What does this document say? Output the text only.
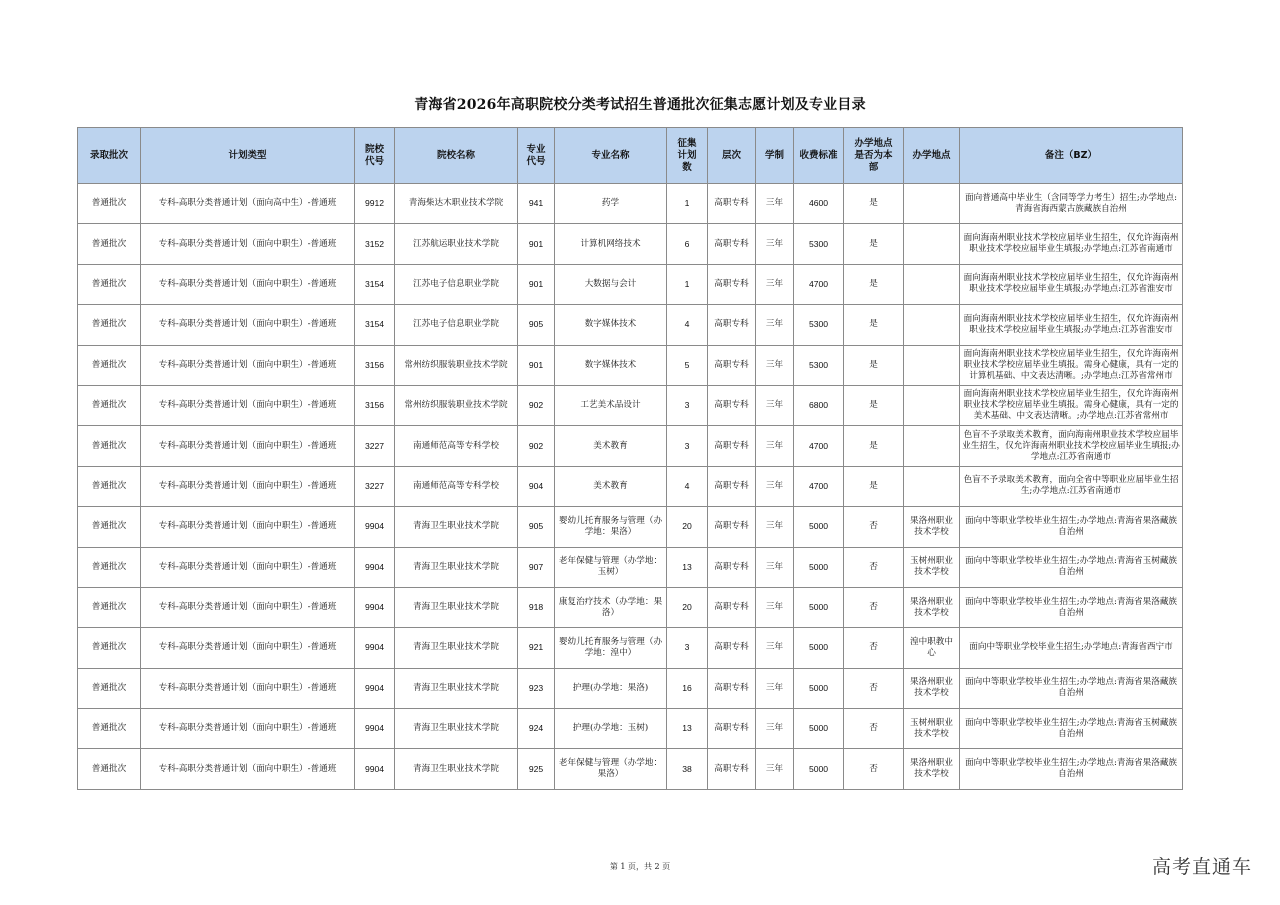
青海省2026年高职院校分类考试招生普通批次征集志愿计划及专业目录
录取批次	计划类型	院校代号	院校名称	专业代号	专业名称	征集计划数	层次	学制	收费标准	办学地点是否为本部	办学地点	备注（BZ）
普通批次	专科-高职分类普通计划（面向高中生）-普通班	9912	青海柴达木职业技术学院	941	药学	1	高职专科	三年	4600	是		面向普通高中毕业生（含同等学力考生）招生;办学地点:青海省海西蒙古族藏族自治州
普通批次	专科-高职分类普通计划（面向中职生）-普通班	3152	江苏航运职业技术学院	901	计算机网络技术	6	高职专科	三年	5300	是		面向海南州职业技术学校应届毕业生招生，仅允许海南州职业技术学校应届毕业生填报;办学地点:江苏省南通市
普通批次	专科-高职分类普通计划（面向中职生）-普通班	3154	江苏电子信息职业学院	901	大数据与会计	1	高职专科	三年	4700	是		面向海南州职业技术学校应届毕业生招生，仅允许海南州职业技术学校应届毕业生填报;办学地点:江苏省淮安市
普通批次	专科-高职分类普通计划（面向中职生）-普通班	3154	江苏电子信息职业学院	905	数字媒体技术	4	高职专科	三年	5300	是		面向海南州职业技术学校应届毕业生招生，仅允许海南州职业技术学校应届毕业生填报;办学地点:江苏省淮安市
普通批次	专科-高职分类普通计划（面向中职生）-普通班	3156	常州纺织服装职业技术学院	901	数字媒体技术	5	高职专科	三年	5300	是		面向海南州职业技术学校应届毕业生招生，仅允许海南州职业技术学校应届毕业生填报。需身心健康，具有一定的计算机基础、中文表达清晰。;办学地点:江苏省常州市
普通批次	专科-高职分类普通计划（面向中职生）-普通班	3156	常州纺织服装职业技术学院	902	工艺美术品设计	3	高职专科	三年	6800	是		面向海南州职业技术学校应届毕业生招生，仅允许海南州职业技术学校应届毕业生填报。需身心健康，具有一定的美术基础、中文表达清晰。;办学地点:江苏省常州市
普通批次	专科-高职分类普通计划（面向中职生）-普通班	3227	南通师范高等专科学校	902	美术教育	3	高职专科	三年	4700	是		色盲不予录取美术教育，面向海南州职业技术学校应届毕业生招生，仅允许海南州职业技术学校应届毕业生填报;办学地点:江苏省南通市
普通批次	专科-高职分类普通计划（面向中职生）-普通班	3227	南通师范高等专科学校	904	美术教育	4	高职专科	三年	4700	是		色盲不予录取美术教育，面向全省中等职业应届毕业生招生;办学地点:江苏省南通市
普通批次	专科-高职分类普通计划（面向中职生）-普通班	9904	青海卫生职业技术学院	905	婴幼儿托育服务与管理（办学地：果洛）	20	高职专科	三年	5000	否	果洛州职业技术学校	面向中等职业学校毕业生招生;办学地点:青海省果洛藏族自治州
普通批次	专科-高职分类普通计划（面向中职生）-普通班	9904	青海卫生职业技术学院	907	老年保健与管理（办学地：玉树）	13	高职专科	三年	5000	否	玉树州职业技术学校	面向中等职业学校毕业生招生;办学地点:青海省玉树藏族自治州
普通批次	专科-高职分类普通计划（面向中职生）-普通班	9904	青海卫生职业技术学院	918	康复治疗技术（办学地：果洛）	20	高职专科	三年	5000	否	果洛州职业技术学校	面向中等职业学校毕业生招生;办学地点:青海省果洛藏族自治州
普通批次	专科-高职分类普通计划（面向中职生）-普通班	9904	青海卫生职业技术学院	921	婴幼儿托育服务与管理（办学地：湟中）	3	高职专科	三年	5000	否	湟中职教中心	面向中等职业学校毕业生招生;办学地点:青海省西宁市
普通批次	专科-高职分类普通计划（面向中职生）-普通班	9904	青海卫生职业技术学院	923	护理(办学地：果洛)	16	高职专科	三年	5000	否	果洛州职业技术学校	面向中等职业学校毕业生招生;办学地点:青海省果洛藏族自治州
普通批次	专科-高职分类普通计划（面向中职生）-普通班	9904	青海卫生职业技术学院	924	护理(办学地：玉树)	13	高职专科	三年	5000	否	玉树州职业技术学校	面向中等职业学校毕业生招生;办学地点:青海省玉树藏族自治州
普通批次	专科-高职分类普通计划（面向中职生）-普通班	9904	青海卫生职业技术学院	925	老年保健与管理（办学地：果洛）	38	高职专科	三年	5000	否	果洛州职业技术学校	面向中等职业学校毕业生招生;办学地点:青海省果洛藏族自治州
第 1 页，共 2 页	高考直通车
